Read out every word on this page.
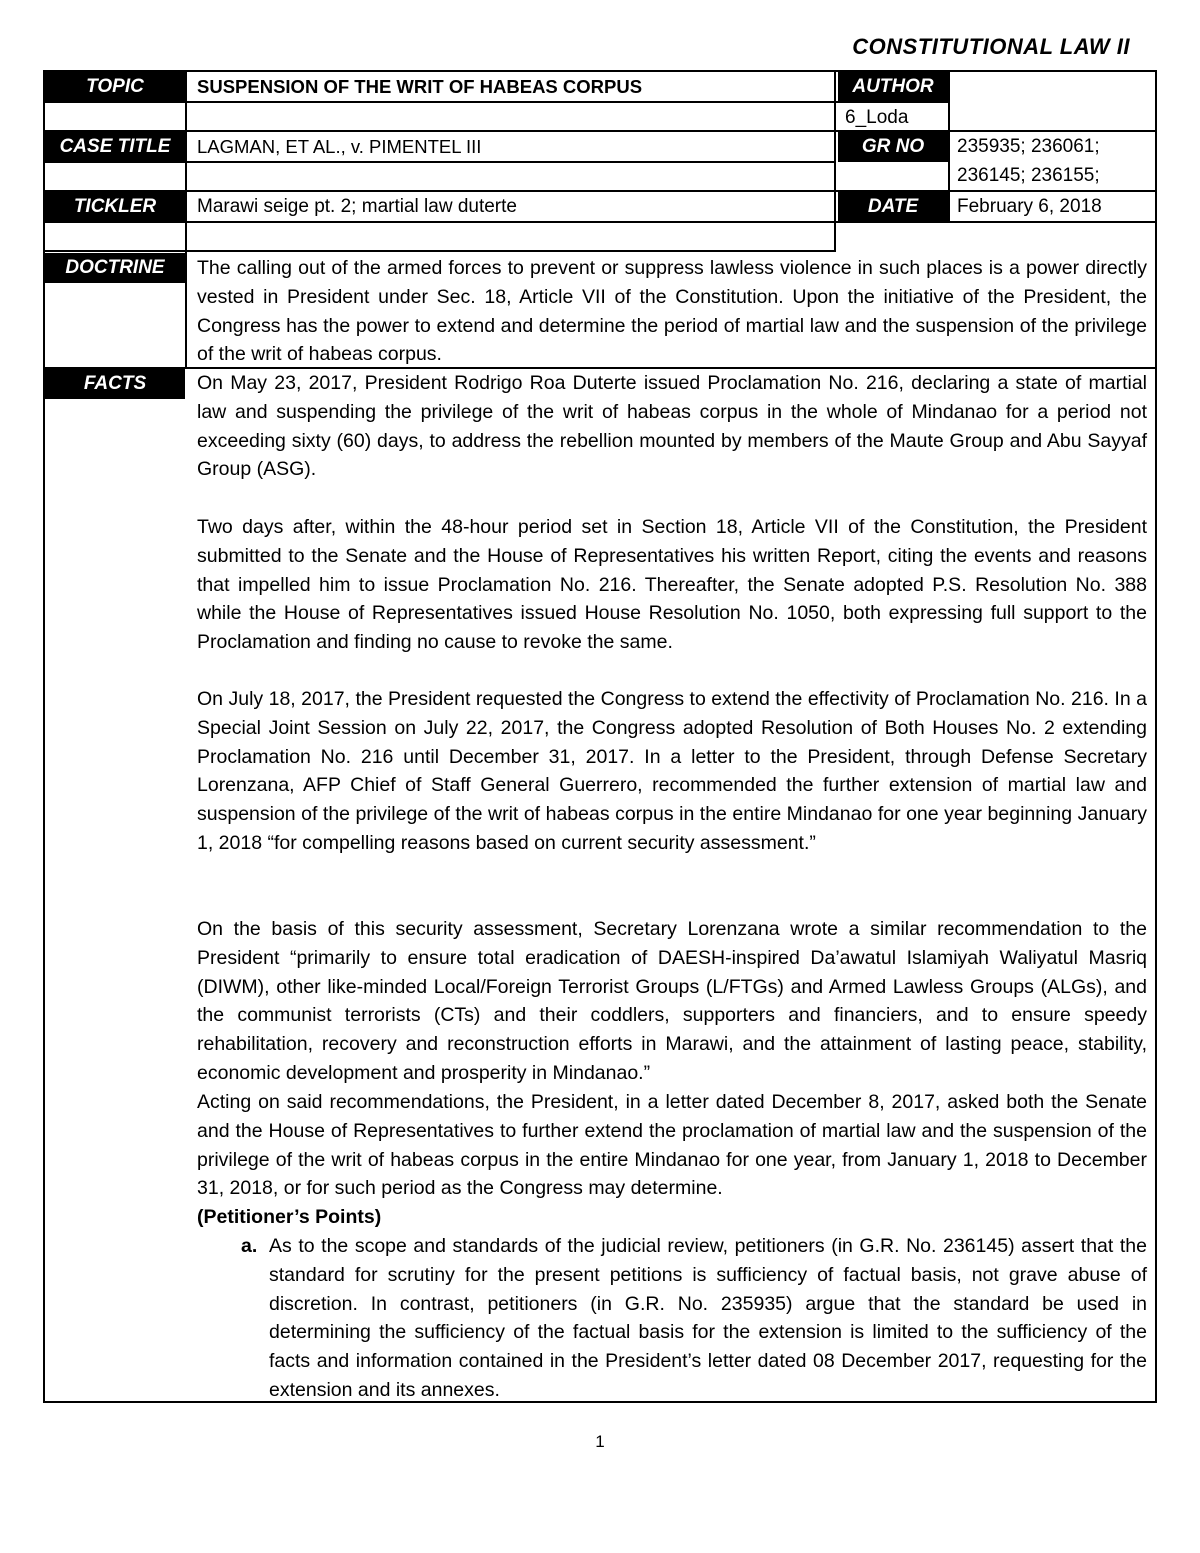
CONSTITUTIONAL LAW II
TOPIC	SUSPENSION OF THE WRIT OF HABEAS CORPUS	AUTHOR
6_Loda
CASE TITLE	LAGMAN, ET AL., v. PIMENTEL III	GR NO	235935; 236061;
236145; 236155;
TICKLER	Marawi seige pt. 2; martial law duterte	DATE	February 6, 2018
DOCTRINE	The calling out of the armed forces to prevent or suppress lawless violence in such places is a power directly vested in President under Sec. 18, Article VII of the Constitution. Upon the initiative of the President, the Congress has the power to extend and determine the period of martial law and the suspension of the privilege of the writ of habeas corpus.

FACTS	On May 23, 2017, President Rodrigo Roa Duterte issued Proclamation No. 216, declaring a state of martial law and suspending the privilege of the writ of habeas corpus in the whole of Mindanao for a period not exceeding sixty (60) days, to address the rebellion mounted by members of the Maute Group and Abu Sayyaf Group (ASG).

Two days after, within the 48-hour period set in Section 18, Article VII of the Constitution, the President submitted to the Senate and the House of Representatives his written Report, citing the events and reasons that impelled him to issue Proclamation No. 216. Thereafter, the Senate adopted P.S. Resolution No. 388 while the House of Representatives issued House Resolution No. 1050, both expressing full support to the Proclamation and finding no cause to revoke the same.

On July 18, 2017, the President requested the Congress to extend the effectivity of Proclamation No. 216. In a Special Joint Session on July 22, 2017, the Congress adopted Resolution of Both Houses No. 2 extending Proclamation No. 216 until December 31, 2017. In a letter to the President, through Defense Secretary Lorenzana, AFP Chief of Staff General Guerrero, recommended the further extension of martial law and suspension of the privilege of the writ of habeas corpus in the entire Mindanao for one year beginning January 1, 2018 “for compelling reasons based on current security assessment.”

On the basis of this security assessment, Secretary Lorenzana wrote a similar recommendation to the President “primarily to ensure total eradication of DAESH-inspired Da’awatul Islamiyah Waliyatul Masriq (DIWM), other like-minded Local/Foreign Terrorist Groups (L/FTGs) and Armed Lawless Groups (ALGs), and the communist terrorists (CTs) and their coddlers, supporters and financiers, and to ensure speedy rehabilitation, recovery and reconstruction efforts in Marawi, and the attainment of lasting peace, stability, economic development and prosperity in Mindanao.”

Acting on said recommendations, the President, in a letter dated December 8, 2017, asked both the Senate and the House of Representatives to further extend the proclamation of martial law and the suspension of the privilege of the writ of habeas corpus in the entire Mindanao for one year, from January 1, 2018 to December 31, 2018, or for such period as the Congress may determine.

(Petitioner’s Points)
a. As to the scope and standards of the judicial review, petitioners (in G.R. No. 236145) assert that the standard for scrutiny for the present petitions is sufficiency of factual basis, not grave abuse of discretion. In contrast, petitioners (in G.R. No. 235935) argue that the standard be used in determining the sufficiency of the factual basis for the extension is limited to the sufficiency of the facts and information contained in the President’s letter dated 08 December 2017, requesting for the extension and its annexes.

1
